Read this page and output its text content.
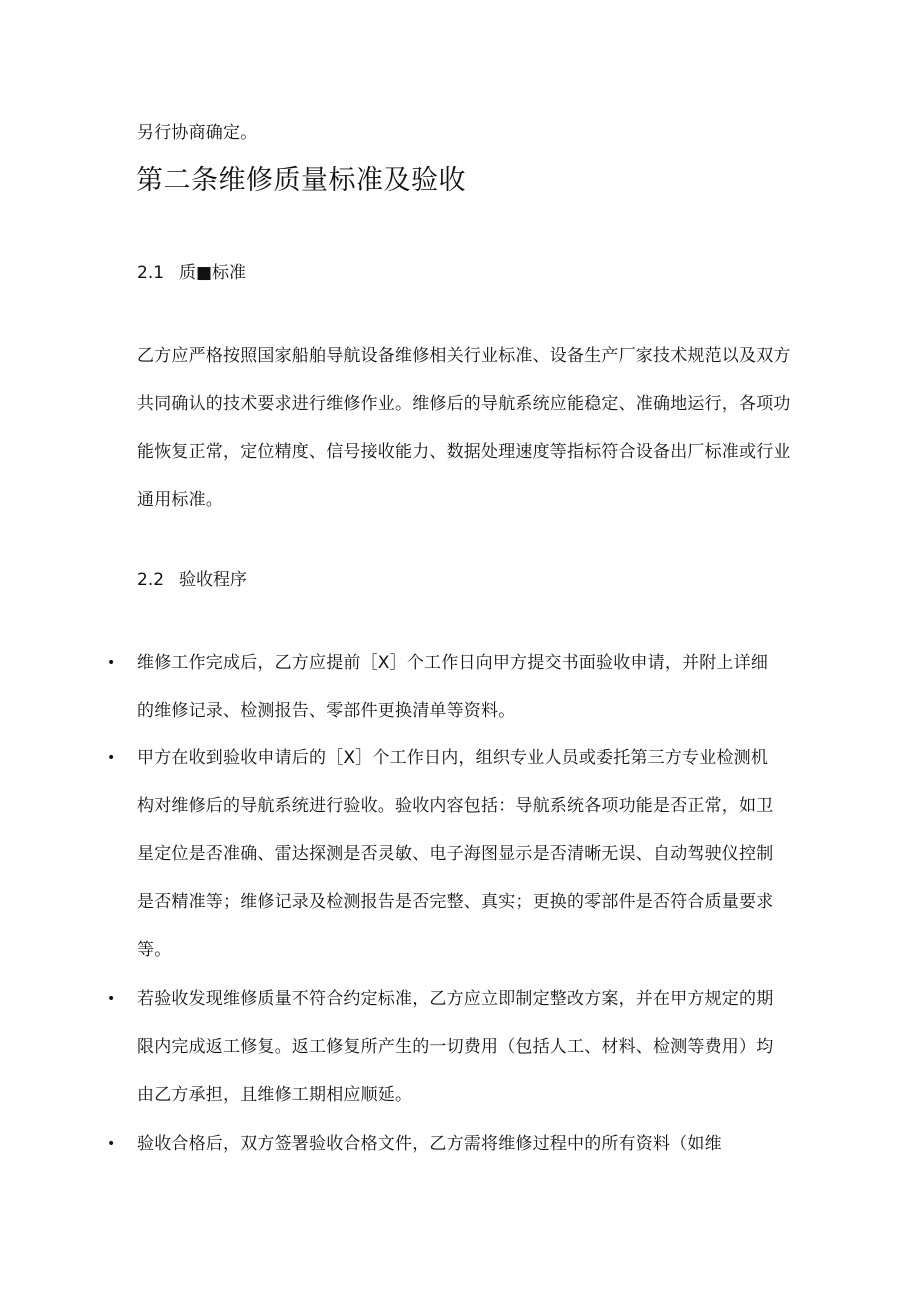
另行协商确定。
第二条维修质量标准及验收
2.1 质■标准
乙方应严格按照国家船舶导航设备维修相关行业标准、设备生产厂家技术规范以及双方
共同确认的技术要求进行维修作业。维修后的导航系统应能稳定、准确地运行，各项功
能恢复正常，定位精度、信号接收能力、数据处理速度等指标符合设备出厂标准或行业
通用标准。
2.2 验收程序
• 维修工作完成后，乙方应提前［X］个工作日向甲方提交书面验收申请，并附上详细
的维修记录、检测报告、零部件更换清单等资料。
• 甲方在收到验收申请后的［X］个工作日内，组织专业人员或委托第三方专业检测机
构对维修后的导航系统进行验收。验收内容包括：导航系统各项功能是否正常，如卫
星定位是否准确、雷达探测是否灵敏、电子海图显示是否清晰无误、自动驾驶仪控制
是否精准等；维修记录及检测报告是否完整、真实；更换的零部件是否符合质量要求
等。
• 若验收发现维修质量不符合约定标准，乙方应立即制定整改方案，并在甲方规定的期
限内完成返工修复。返工修复所产生的一切费用（包括人工、材料、检测等费用）均
由乙方承担，且维修工期相应顺延。
• 验收合格后，双方签署验收合格文件，乙方需将维修过程中的所有资料（如维
